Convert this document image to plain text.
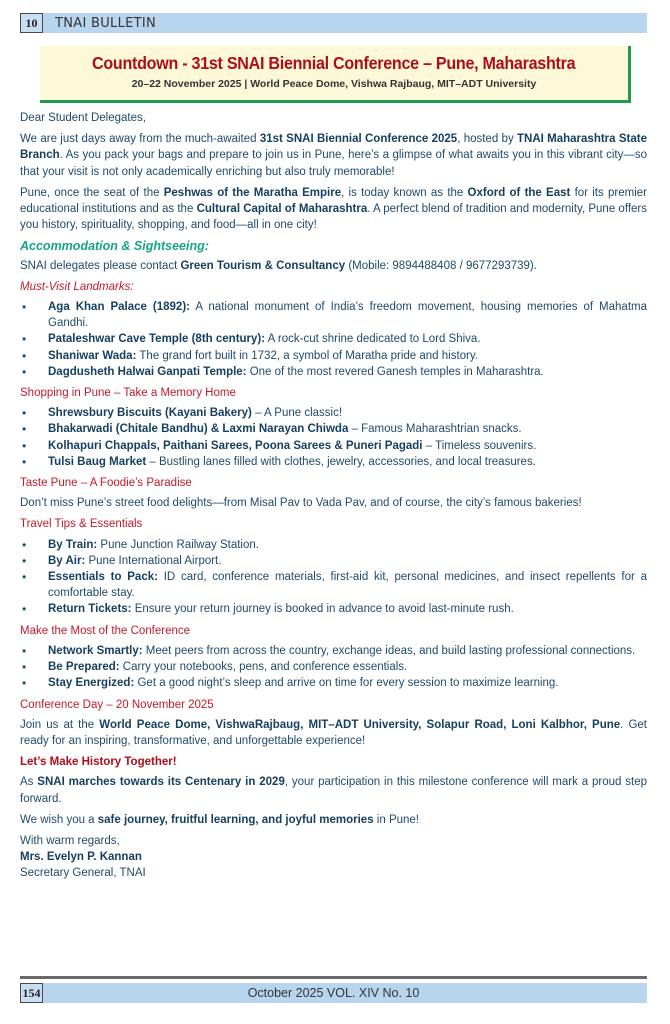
10	TNAI BULLETIN
Countdown - 31st SNAI Biennial Conference – Pune, Maharashtra
20–22 November 2025 | World Peace Dome, Vishwa Rajbaug, MIT–ADT University

Dear Student Delegates,

We are just days away from the much-awaited 31st SNAI Biennial Conference 2025, hosted by TNAI Maharashtra State Branch. As you pack your bags and prepare to join us in Pune, here’s a glimpse of what awaits you in this vibrant city—so that your visit is not only academically enriching but also truly memorable!

Pune, once the seat of the Peshwas of the Maratha Empire, is today known as the Oxford of the East for its premier educational institutions and as the Cultural Capital of Maharashtra. A perfect blend of tradition and modernity, Pune offers you history, spirituality, shopping, and food—all in one city!

Accommodation & Sightseeing:

SNAI delegates please contact Green Tourism & Consultancy (Mobile: 9894488408 / 9677293739).

Must-Visit Landmarks:
• Aga Khan Palace (1892): A national monument of India’s freedom movement, housing memories of Mahatma Gandhi.
• Pataleshwar Cave Temple (8th century): A rock-cut shrine dedicated to Lord Shiva.
• Shaniwar Wada: The grand fort built in 1732, a symbol of Maratha pride and history.
• Dagdusheth Halwai Ganpati Temple: One of the most revered Ganesh temples in Maharashtra.
Shopping in Pune – Take a Memory Home
• Shrewsbury Biscuits (Kayani Bakery) – A Pune classic!
• Bhakarwadi (Chitale Bandhu) & Laxmi Narayan Chiwda – Famous Maharashtrian snacks.
• Kolhapuri Chappals, Paithani Sarees, Poona Sarees & Puneri Pagadi – Timeless souvenirs.
• Tulsi Baug Market – Bustling lanes filled with clothes, jewelry, accessories, and local treasures.
Taste Pune – A Foodie’s Paradise

Don’t miss Pune’s street food delights—from Misal Pav to Vada Pav, and of course, the city’s famous bakeries!

Travel Tips & Essentials
• By Train: Pune Junction Railway Station.
• By Air: Pune International Airport.
• Essentials to Pack: ID card, conference materials, first-aid kit, personal medicines, and insect repellents for a comfortable stay.
• Return Tickets: Ensure your return journey is booked in advance to avoid last-minute rush.
Make the Most of the Conference
• Network Smartly: Meet peers from across the country, exchange ideas, and build lasting professional connections.
• Be Prepared: Carry your notebooks, pens, and conference essentials.
• Stay Energized: Get a good night’s sleep and arrive on time for every session to maximize learning.
Conference Day – 20 November 2025

Join us at the World Peace Dome, VishwaRajbaug, MIT–ADT University, Solapur Road, Loni Kalbhor, Pune. Get ready for an inspiring, transformative, and unforgettable experience!

Let’s Make History Together!

As SNAI marches towards its Centenary in 2029, your participation in this milestone conference will mark a proud step forward.

We wish you a safe journey, fruitful learning, and joyful memories in Pune!

With warm regards,
Mrs. Evelyn P. Kannan
Secretary General, TNAI
154	October 2025 VOL. XIV No. 10
